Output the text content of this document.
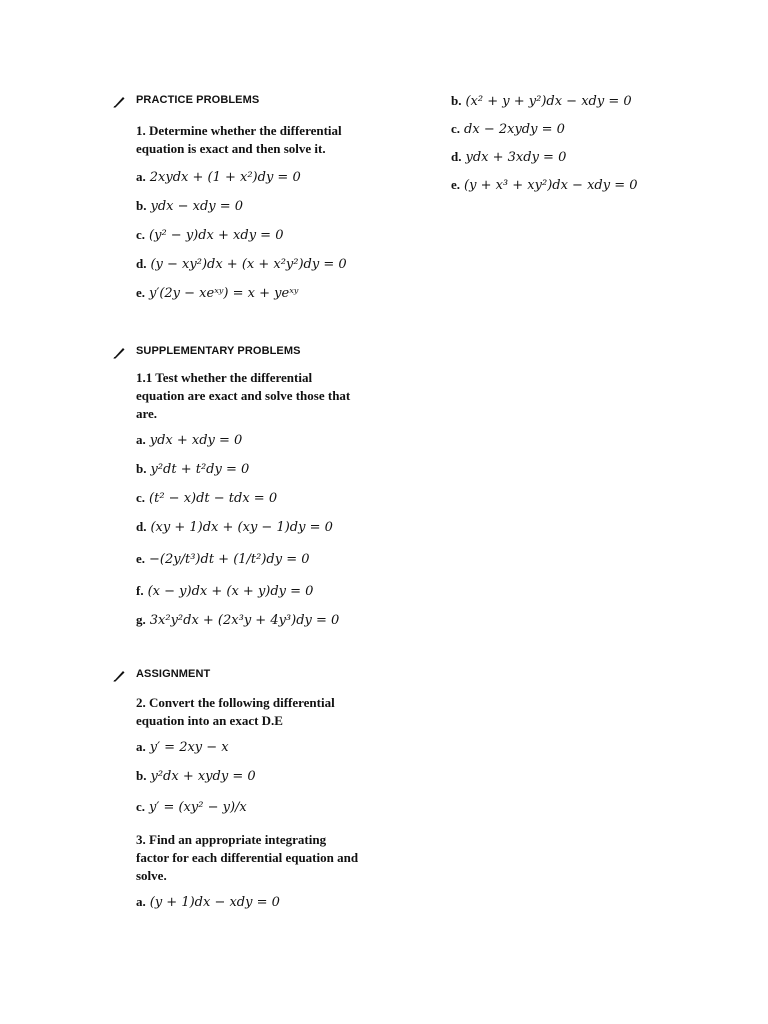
PRACTICE PROBLEMS
1. Determine whether the differential equation is exact and then solve it.
a. 2xydx + (1 + x²)dy = 0
b. ydx − xdy = 0
c. (y² − y)dx + xdy = 0
d. (y − xy²)dx + (x + x²y²)dy = 0
e. y′(2y − xeˣʸ) = x + yeˣʸ
SUPPLEMENTARY PROBLEMS
1.1 Test whether the differential equation are exact and solve those that are.
a. ydx + xdy = 0
b. y²dt + t²dy = 0
c. (t² − x)dt − tdx = 0
d. (xy + 1)dx + (xy − 1)dy = 0
e. −(2y/t³)dt + (1/t²)dy = 0
f. (x − y)dx + (x + y)dy = 0
g. 3x²y²dx + (2x³y + 4y³)dy = 0
ASSIGNMENT
2. Convert the following differential equation into an exact D.E
a. y′ = 2xy − x
b. y²dx + xydy = 0
c. y′ = (xy² − y)/x
3. Find an appropriate integrating factor for each differential equation and solve.
a. (y + 1)dx − xdy = 0
b. (x² + y + y²)dx − xdy = 0
c. dx − 2xydy = 0
d. ydx + 3xdy = 0
e. (y + x³ + xy²)dx − xdy = 0
